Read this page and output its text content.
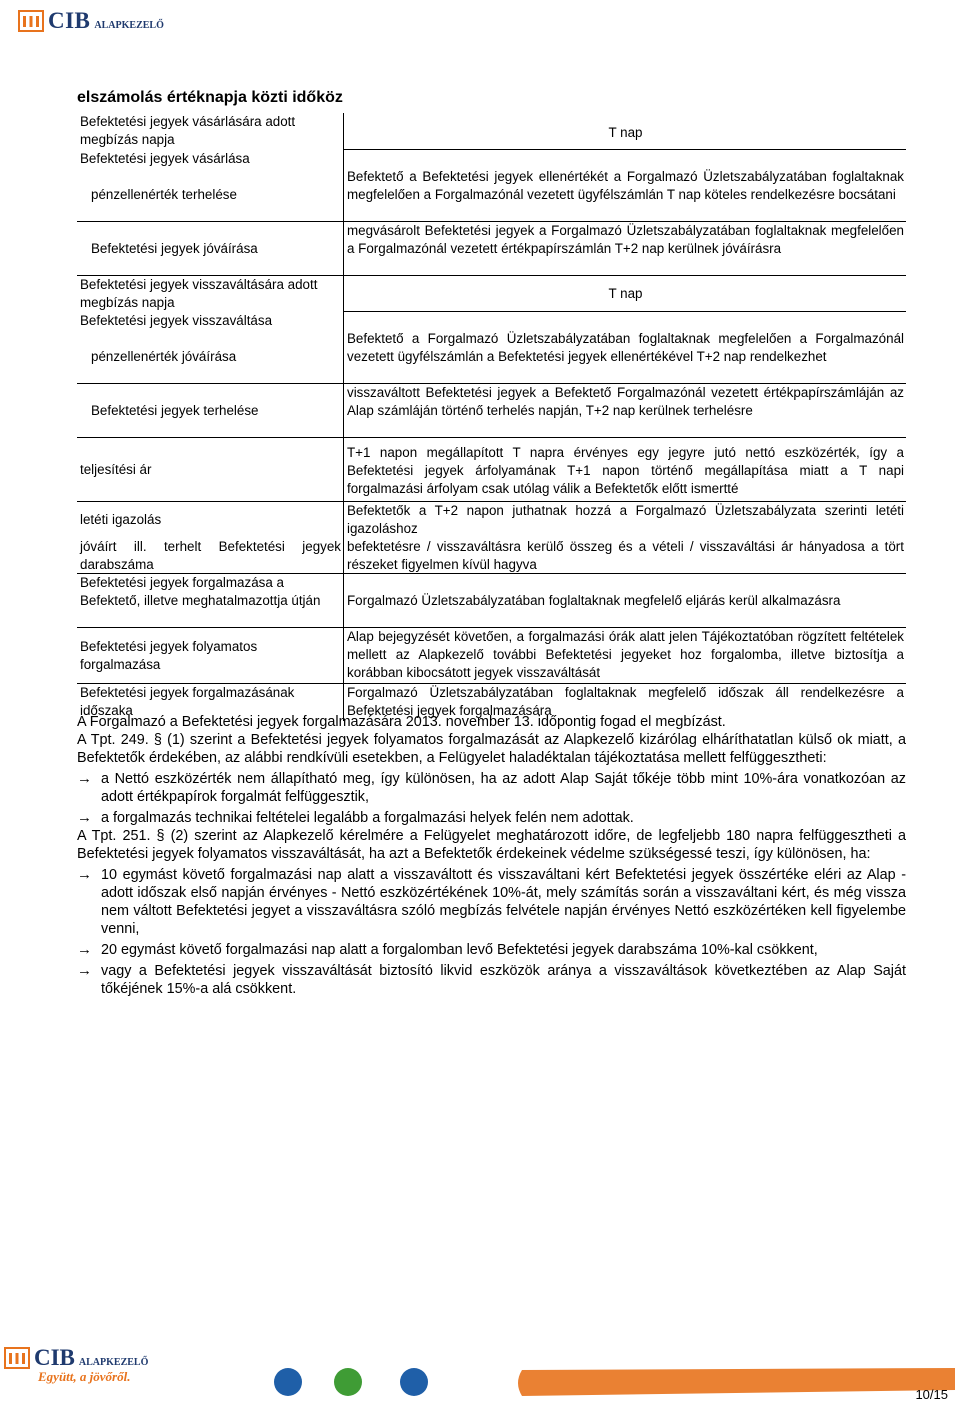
CIB ALAPKEZELŐ
elszámolás értéknapja közti időköz
Befektetési jegyek vásárlására adott megbízás napja	T nap
Befektetési jegyek vásárlása
pénzellenérték terhelése
Befektető a Befektetési jegyek ellenértékét a Forgalmazó Üzletszabályzatában foglaltaknak megfelelően a Forgalmazónál vezetett ügyfélszámlán T nap köteles rendelkezésre bocsátani
Befektetési jegyek jóváírása
megvásárolt Befektetési jegyek a Forgalmazó Üzletszabályzatában foglaltaknak megfelelően a Forgalmazónál vezetett értékpapírszámlán T+2 nap kerülnek jóváírásra
Befektetési jegyek visszaváltására adott megbízás napja
T nap
Befektetési jegyek visszaváltása
pénzellenérték jóváírása
Befektető a Forgalmazó Üzletszabályzatában foglaltaknak megfelelően a Forgalmazónál vezetett ügyfélszámlán a Befektetési jegyek ellenértékével T+2 nap rendelkezhet
Befektetési jegyek terhelése
visszaváltott Befektetési jegyek a Befektető Forgalmazónál vezetett értékpapírszámláján az Alap számláján történő terhelés napján, T+2 nap kerülnek terhelésre
teljesítési ár
T+1 napon megállapított T napra érvényes egy jegyre jutó nettó eszközérték, így a Befektetési jegyek árfolyamának T+1 napon történő megállapítása miatt a T napi forgalmazási árfolyam csak utólag válik a Befektetők előtt ismertté
letéti igazolás
Befektetők a T+2 napon juthatnak hozzá a Forgalmazó Üzletszabályzata szerinti letéti igazoláshoz
jóváírt ill. terhelt Befektetési jegyek darabszáma
befektetésre / visszaváltásra kerülő összeg és a vételi / visszaváltási ár hányadosa a tört részeket figyelmen kívül hagyva
Befektetési jegyek forgalmazása a Befektető, illetve meghatalmazottja útján	Forgalmazó Üzletszabályzatában foglaltaknak megfelelő eljárás kerül alkalmazásra
Befektetési jegyek folyamatos forgalmazása
Alap bejegyzését követően, a forgalmazási órák alatt jelen Tájékoztatóban rögzített feltételek mellett az Alapkezelő további Befektetési jegyeket hoz forgalomba, illetve biztosítja a korábban kibocsátott jegyek visszaváltását
Befektetési jegyek forgalmazásának időszaka
Forgalmazó Üzletszabályzatában foglaltaknak megfelelő időszak áll rendelkezésre a Befektetési jegyek forgalmazására

A Forgalmazó a Befektetési jegyek forgalmazására 2013. november 13. időpontig fogad el megbízást.

A Tpt. 249. § (1) szerint a Befektetési jegyek folyamatos forgalmazását az Alapkezelő kizárólag elháríthatatlan külső ok miatt, a Befektetők érdekében, az alábbi rendkívüli esetekben, a Felügyelet haladéktalan tájékoztatása mellett felfüggesztheti:

→ a Nettó eszközérték nem állapítható meg, így különösen, ha az adott Alap Saját tőkéje több mint 10%-ára vonatkozóan az adott értékpapírok forgalmát felfüggesztik,
→ a forgalmazás technikai feltételei legalább a forgalmazási helyek felén nem adottak.

A Tpt. 251. § (2) szerint az Alapkezelő kérelmére a Felügyelet meghatározott időre, de legfeljebb 180 napra felfüggesztheti a Befektetési jegyek folyamatos visszaváltását, ha azt a Befektetők érdekeinek védelme szükségessé teszi, így különösen, ha:

→ 10 egymást követő forgalmazási nap alatt a visszaváltott és visszaváltani kért Befektetési jegyek összértéke eléri az Alap - adott időszak első napján érvényes - Nettó eszközértékének 10%-át, mely számítás során a visszaváltani kért, és még vissza nem váltott Befektetési jegyet a visszaváltásra szóló megbízás felvétele napján érvényes Nettó eszközértéken kell figyelembe venni,
→ 20 egymást követő forgalmazási nap alatt a forgalomban levő Befektetési jegyek darabszáma 10%-kal csökkent,
→ vagy a Befektetési jegyek visszaváltását biztosító likvid eszközök aránya a visszaváltások következtében az Alap Saját tőkéjének 15%-a alá csökkent.
CIB ALAPKEZELŐ
Együtt, a jövőről.
10/15
